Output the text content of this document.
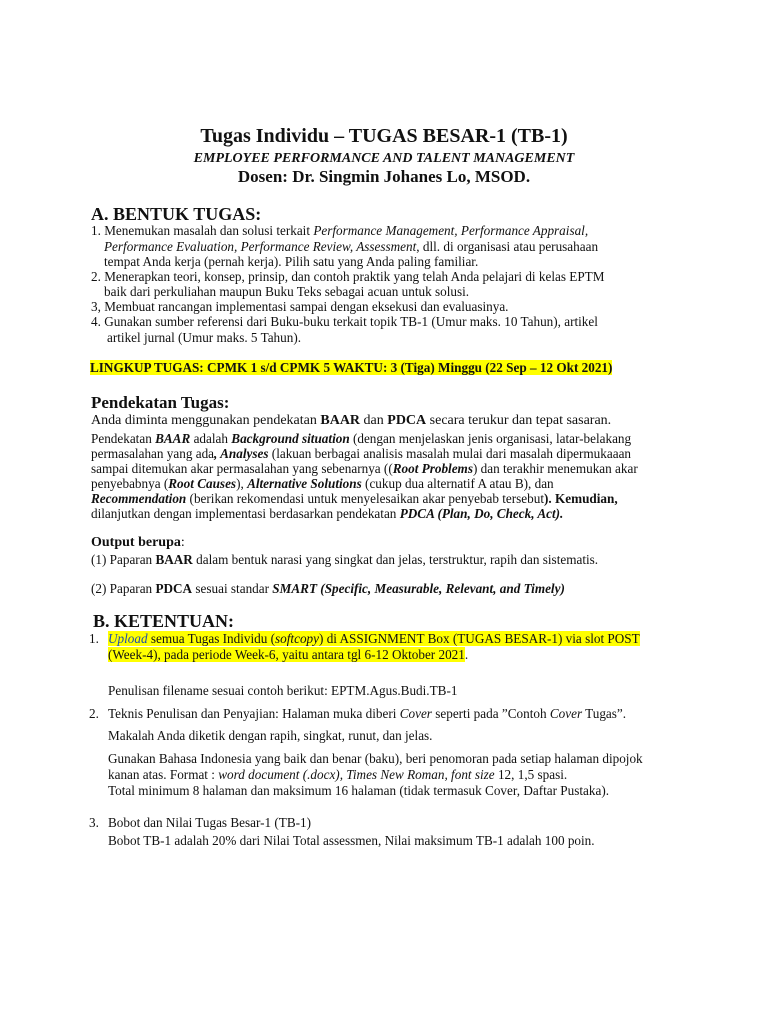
Tugas Individu – TUGAS BESAR-1 (TB-1)
EMPLOYEE PERFORMANCE AND TALENT MANAGEMENT
Dosen: Dr. Singmin Johanes Lo, MSOD.
A. BENTUK TUGAS:
1. Menemukan masalah dan solusi terkait Performance Management, Performance Appraisal,
Performance Evaluation, Performance Review, Assessment, dll. di organisasi atau perusahaan
tempat Anda kerja (pernah kerja). Pilih satu yang Anda paling familiar.
2. Menerapkan teori, konsep, prinsip, dan contoh praktik yang telah Anda pelajari di kelas EPTM
baik dari perkuliahan maupun Buku Teks sebagai acuan untuk solusi.
3, Membuat rancangan implementasi sampai dengan eksekusi dan evaluasinya.
4. Gunakan sumber referensi dari Buku-buku terkait topik TB-1 (Umur maks. 10 Tahun), artikel
artikel jurnal (Umur maks. 5 Tahun).
LINGKUP TUGAS: CPMK 1 s/d CPMK 5 WAKTU: 3 (Tiga) Minggu (22 Sep – 12 Okt 2021)
Pendekatan Tugas:
Anda diminta menggunakan pendekatan BAAR dan PDCA secara terukur dan tepat sasaran.
Pendekatan BAAR adalah Background situation (dengan menjelaskan jenis organisasi, latar-belakang
permasalahan yang ada, Analyses (lakuan berbagai analisis masalah mulai dari masalah dipermukaaan
sampai ditemukan akar permasalahan yang sebenarnya ((Root Problems) dan terakhir menemukan akar
penyebabnya (Root Causes), Alternative Solutions (cukup dua alternatif A atau B), dan
Recommendation (berikan rekomendasi untuk menyelesaikan akar penyebab tersebut). Kemudian,
dilanjutkan dengan implementasi berdasarkan pendekatan PDCA (Plan, Do, Check, Act).
Output berupa:
(1) Paparan BAAR dalam bentuk narasi yang singkat dan jelas, terstruktur, rapih dan sistematis.
(2) Paparan PDCA sesuai standar SMART (Specific, Measurable, Relevant, and Timely)
B. KETENTUAN:
1. Upload semua Tugas Individu (softcopy) di ASSIGNMENT Box (TUGAS BESAR-1) via slot POST
(Week-4), pada periode Week-6, yaitu antara tgl 6-12 Oktober 2021.
Penulisan filename sesuai contoh berikut: EPTM.Agus.Budi.TB-1
2. Teknis Penulisan dan Penyajian: Halaman muka diberi Cover seperti pada ”Contoh Cover Tugas”.
Makalah Anda diketik dengan rapih, singkat, runut, dan jelas.
Gunakan Bahasa Indonesia yang baik dan benar (baku), beri penomoran pada setiap halaman dipojok
kanan atas. Format : word document (.docx), Times New Roman, font size 12, 1,5 spasi.
Total minimum 8 halaman dan maksimum 16 halaman (tidak termasuk Cover, Daftar Pustaka).
3. Bobot dan Nilai Tugas Besar-1 (TB-1)
Bobot TB-1 adalah 20% dari Nilai Total assessmen, Nilai maksimum TB-1 adalah 100 poin.
